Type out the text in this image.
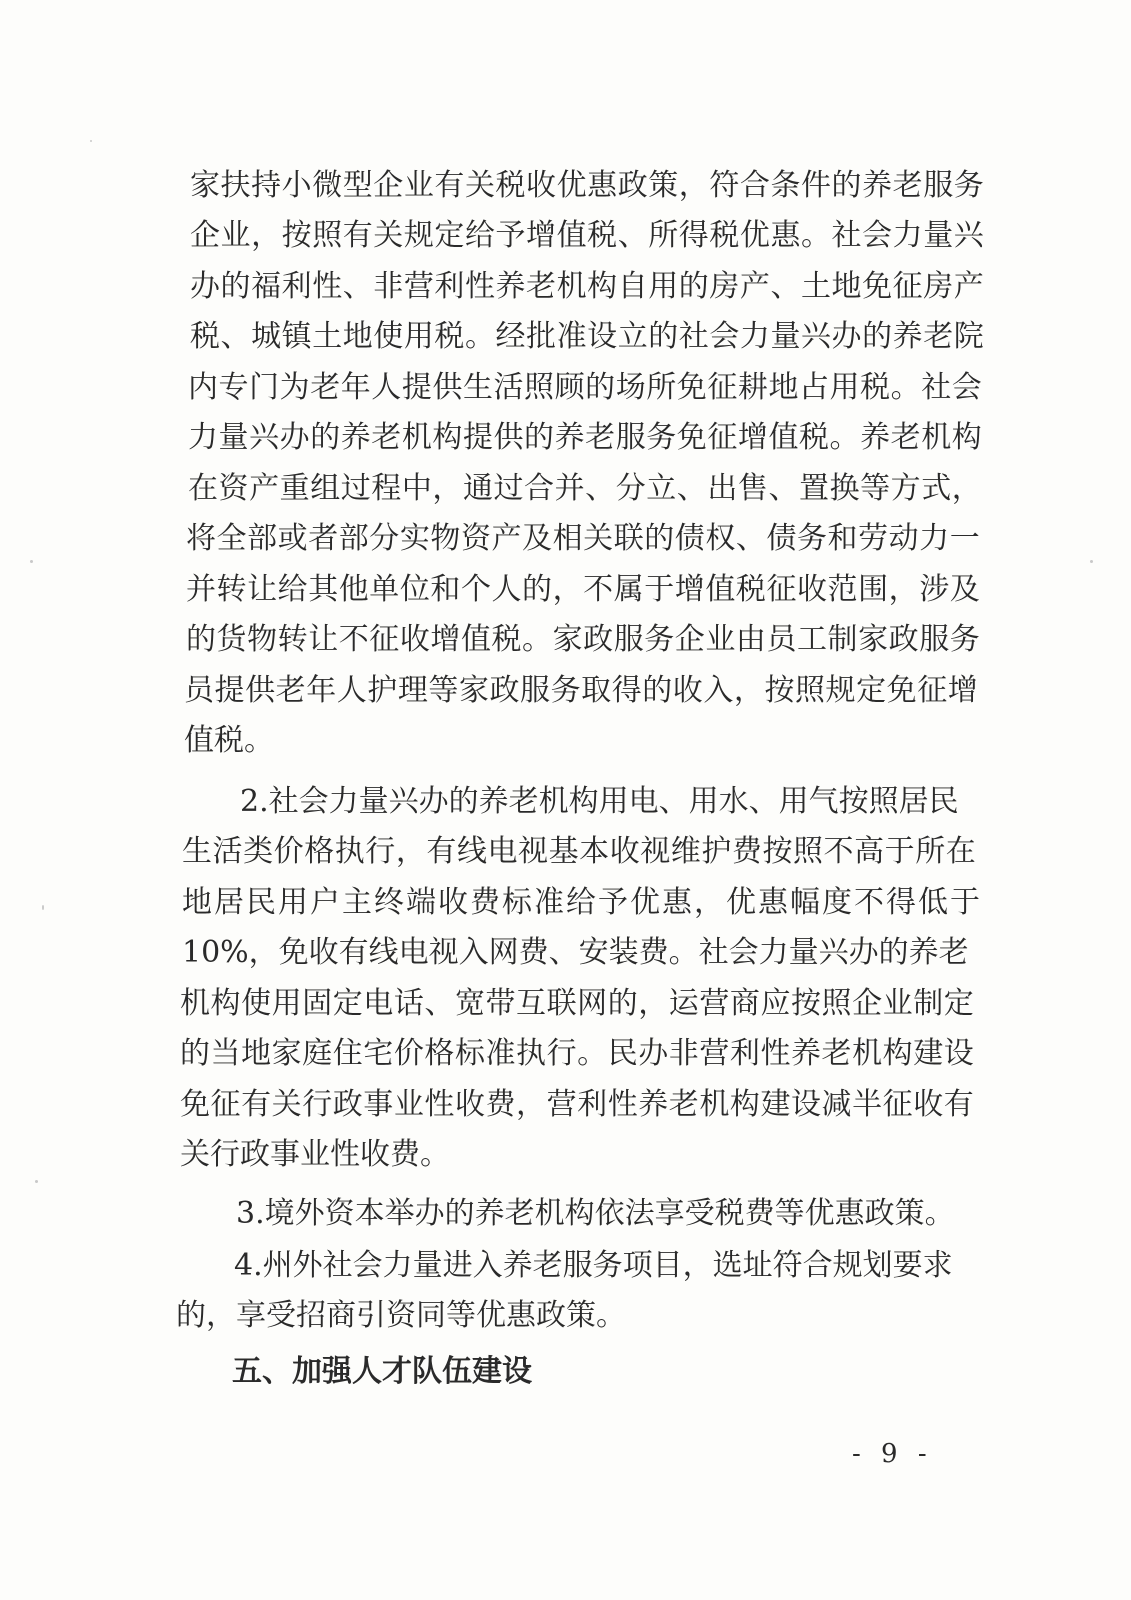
家扶持小微型企业有关税收优惠政策，符合条件的养老服务
企业，按照有关规定给予增值税、所得税优惠。社会力量兴
办的福利性、非营利性养老机构自用的房产、土地免征房产
税、城镇土地使用税。经批准设立的社会力量兴办的养老院
内专门为老年人提供生活照顾的场所免征耕地占用税。社会
力量兴办的养老机构提供的养老服务免征增值税。养老机构
在资产重组过程中，通过合并、分立、出售、置换等方式，
将全部或者部分实物资产及相关联的债权、债务和劳动力一
并转让给其他单位和个人的，不属于增值税征收范围，涉及
的货物转让不征收增值税。家政服务企业由员工制家政服务
员提供老年人护理等家政服务取得的收入，按照规定免征增
值税。
2.社会力量兴办的养老机构用电、用水、用气按照居民
生活类价格执行，有线电视基本收视维护费按照不高于所在
地居民用户主终端收费标准给予优惠，优惠幅度不得低于
10%，免收有线电视入网费、安装费。社会力量兴办的养老
机构使用固定电话、宽带互联网的，运营商应按照企业制定
的当地家庭住宅价格标准执行。民办非营利性养老机构建设
免征有关行政事业性收费，营利性养老机构建设减半征收有
关行政事业性收费。
3.境外资本举办的养老机构依法享受税费等优惠政策。
4.州外社会力量进入养老服务项目，选址符合规划要求
的，享受招商引资同等优惠政策。
五、加强人才队伍建设
- 9 -
